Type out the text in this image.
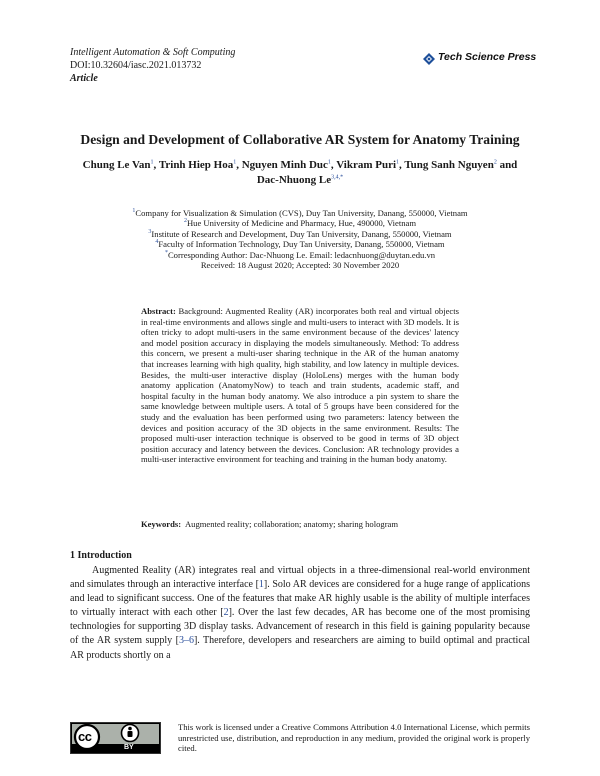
Intelligent Automation & Soft Computing
DOI:10.32604/iasc.2021.013732
Article
Tech Science Press
Design and Development of Collaborative AR System for Anatomy Training
Chung Le Van$^1$, Trinh Hiep Hoa$^1$, Nguyen Minh Duc$^1$, Vikram Puri$^1$, Tung Sanh Nguyen$^2$ and
Dac-Nhuong $Le^{3,4,*}$
$^1$Company for Visualization & Simulation (CVS), Duy Tan University, Danang, 550000, Vietnam
$^2$Hue University of Medicine and Pharmacy, Hue, 490000, Vietnam
$^3$Institute of Research and Development, Duy Tan University, Danang, 550000, Vietnam
$^4$Faculty of Information Technology, Duy Tan University, Danang, 550000, Vietnam
*Corresponding Author: Dac-Nhuong Le. Email: ledacnhuong@duytan.edu.vn
Received: 18 August 2020; Accepted: 30 November 2020
Abstract: Background: Augmented Reality (AR) incorporates both real and virtual objects in real-time environments and allows single and multi-users to interact with 3D models. It is often tricky to adopt multi-users in the same environment because of the devices' latency and model position accuracy in displaying the models simultaneously. Method: To address this concern, we present a multi-user sharing technique in the AR of the human anatomy that increases learning with high quality, high stability, and low latency in multiple devices. Besides, the multi-user interactive display (HoloLens) merges with the human body anatomy application (AnatomyNow) to teach and train students, academic staff, and hospital faculty in the human body anatomy. We also introduce a pin system to share the same knowledge between multiple users. A total of 5 groups have been considered for the study and the evaluation has been performed using two parameters: latency between the devices and position accuracy of the 3D objects in the same environment. Results: The proposed multi-user interaction technique is observed to be good in terms of 3D object position accuracy and latency between the devices. Conclusion: AR technology provides a multi-user interactive environment for teaching and training in the human body anatomy.
Keywords: Augmented reality; collaboration; anatomy; sharing hologram
1 Introduction
Augmented Reality (AR) integrates real and virtual objects in a three-dimensional real-world environment and simulates through an interactive interface [1]. Solo AR devices are considered for a huge range of applications and lead to significant success. One of the features that make AR highly usable is the ability of multiple interfaces to virtually interact with each other [2]. Over the last few decades, AR has become one of the most promising technologies for supporting 3D display tasks. Advancement of research in this field is gaining popularity because of the AR system supply [3–6]. Therefore, developers and researchers are aiming to build optimal and practical AR products shortly on a
cc
BY
This work is licensed under a Creative Commons Attribution 4.0 International License, which permits unrestricted use, distribution, and reproduction in any medium, provided the original work is properly cited.
